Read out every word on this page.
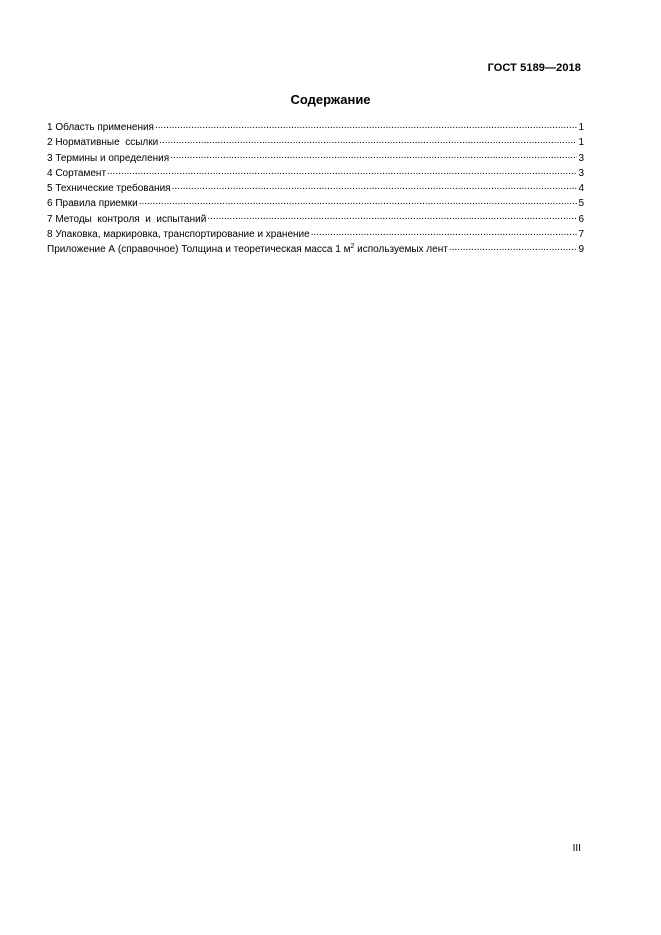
ГОСТ 5189—2018
Содержание
1 Область применения .....	1
2 Нормативные  ссылки .....	1
3 Термины и определения .....	3
4 Сортамент .....	3
5 Технические требования .....	4
6 Правила приемки .....	5
7 Методы  контроля  и  испытаний .....	6
8 Упаковка, маркировка, транспортирование и хранение .....	7
Приложение А (справочное) Толщина и теоретическая масса 1 $м^2$ используемых лент .....	9
III
